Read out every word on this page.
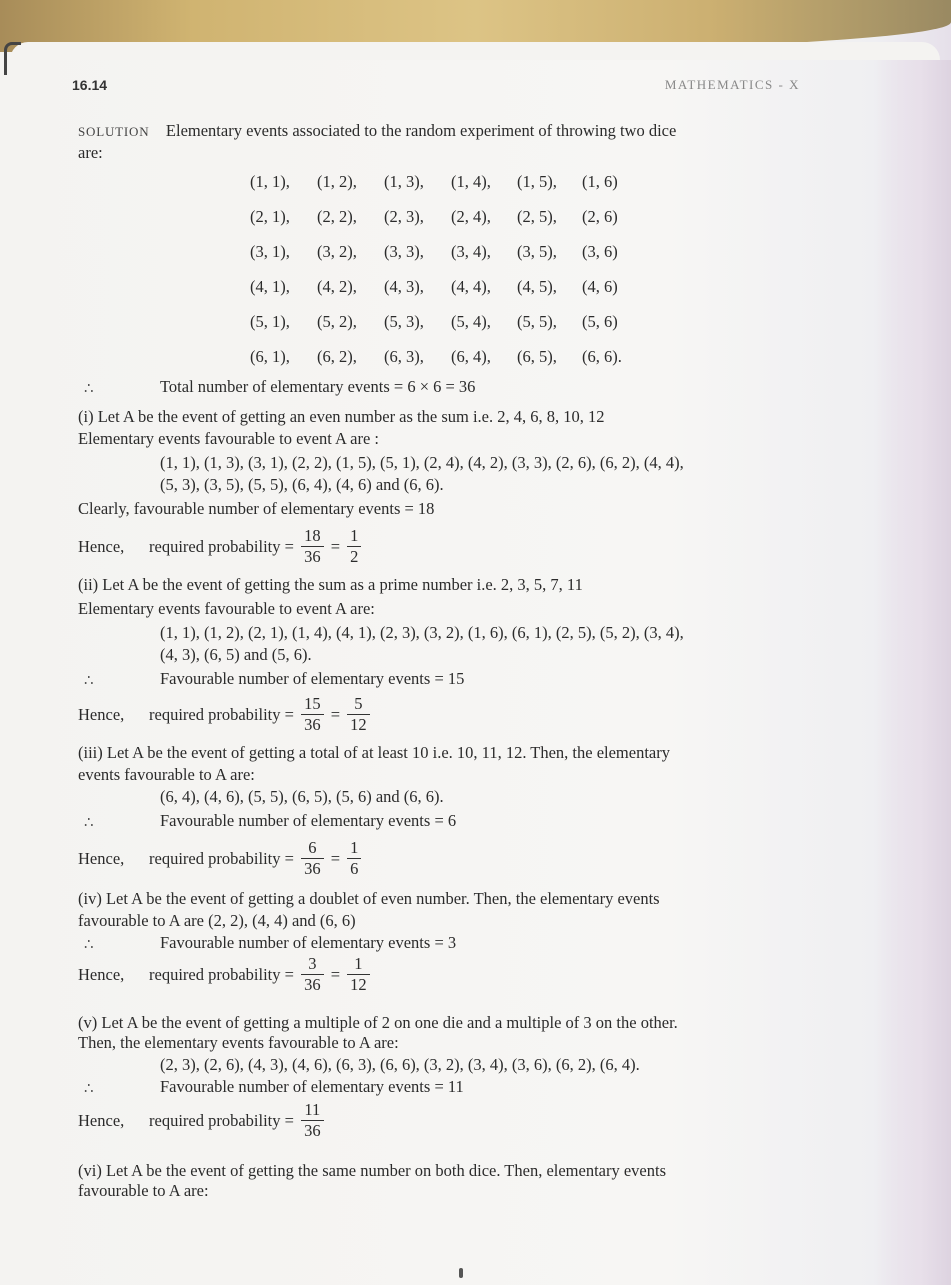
16.14	MATHEMATICS - X
SOLUTION Elementary events associated to the random experiment of throwing two dice
are:
(1, 1), (1, 2), (1, 3), (1, 4), (1, 5), (1, 6)
(2, 1), (2, 2), (2, 3), (2, 4), (2, 5), (2, 6)
(3, 1), (3, 2), (3, 3), (3, 4), (3, 5), (3, 6)
(4, 1), (4, 2), (4, 3), (4, 4), (4, 5), (4, 6)
(5, 1), (5, 2), (5, 3), (5, 4), (5, 5), (5, 6)
(6, 1), (6, 2), (6, 3), (6, 4), (6, 5), (6, 6).
∴	Total number of elementary events = 6 × 6 = 36
(i) Let A be the event of getting an even number as the sum i.e. 2, 4, 6, 8, 10, 12
Elementary events favourable to event A are :
(1, 1), (1, 3), (3, 1), (2, 2), (1, 5), (5, 1), (2, 4), (4, 2), (3, 3), (2, 6), (6, 2), (4, 4),
(5, 3), (3, 5), (5, 5), (6, 4), (4, 6) and (6, 6).
Clearly, favourable number of elementary events = 18
Hence, required probability = $\frac{18}{36} = \frac{1}{2}$
(ii) Let A be the event of getting the sum as a prime number i.e. 2, 3, 5, 7, 11
Elementary events favourable to event A are:
(1, 1), (1, 2), (2, 1), (1, 4), (4, 1), (2, 3), (3, 2), (1, 6), (6, 1), (2, 5), (5, 2), (3, 4),
(4, 3), (6, 5) and (5, 6).
∴	Favourable number of elementary events = 15
Hence, required probability = $\frac{15}{36} = \frac{5}{12}$
(iii) Let A be the event of getting a total of at least 10 i.e. 10, 11, 12. Then, the elementary
events favourable to A are:
(6, 4), (4, 6), (5, 5), (6, 5), (5, 6) and (6, 6).
∴	Favourable number of elementary events = 6
Hence, required probability = $\frac{6}{36} = \frac{1}{6}$
(iv) Let A be the event of getting a doublet of even number. Then, the elementary events
favourable to A are (2, 2), (4, 4) and (6, 6)
∴	Favourable number of elementary events = 3
Hence, required probability = $\frac{3}{36} = \frac{1}{12}$
(v) Let A be the event of getting a multiple of 2 on one die and a multiple of 3 on the other.
Then, the elementary events favourable to A are:
(2, 3), (2, 6), (4, 3), (4, 6), (6, 3), (6, 6), (3, 2), (3, 4), (3, 6), (6, 2), (6, 4).
∴	Favourable number of elementary events = 11
Hence, required probability = $\frac{11}{36}$
(vi) Let A be the event of getting the same number on both dice. Then, elementary events
favourable to A are:
